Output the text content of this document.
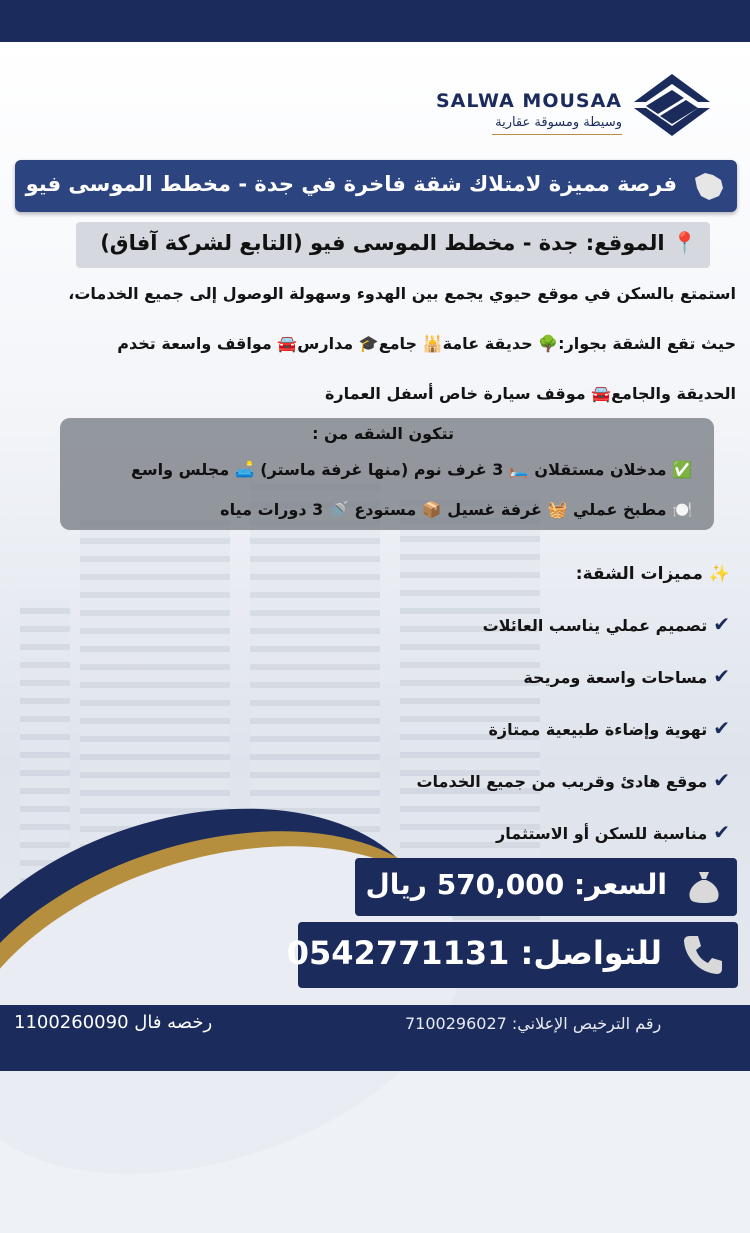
SALWA MOUSAA
وسيطة ومسوقة عقارية
فرصة مميزة لامتلاك شقة فاخرة في جدة - مخطط الموسى فيو
📍 الموقع: جدة - مخطط الموسى فيو (التابع لشركة آفاق)
استمتع بالسكن في موقع حيوي يجمع بين الهدوء وسهولة الوصول إلى جميع الخدمات،
حيث تقع الشقة بجوار:🌳 حديقة عامة🕌 جامع🎓 مدارس🚘 مواقف واسعة تخدم
الحديقة والجامع🚘 موقف سيارة خاص أسفل العمارة
تتكون الشقه من :
✅ مدخلان مستقلان 🛏️ 3 غرف نوم (منها غرفة ماستر) 🛋️ مجلس واسع
🍽️ مطبخ عملي 🧺 غرفة غسيل 📦 مستودع 🚿 3 دورات مياه
✨ مميزات الشقة:
✔تصميم عملي يناسب العائلات
✔مساحات واسعة ومريحة
✔تهوية وإضاءة طبيعية ممتازة
✔موقع هادئ وقريب من جميع الخدمات
✔مناسبة للسكن أو الاستثمار
السعر: 570,000 ريال
للتواصل: 0542771131
رقم الترخيص الإعلاني: 7100296027
رخصه فال 1100260090
